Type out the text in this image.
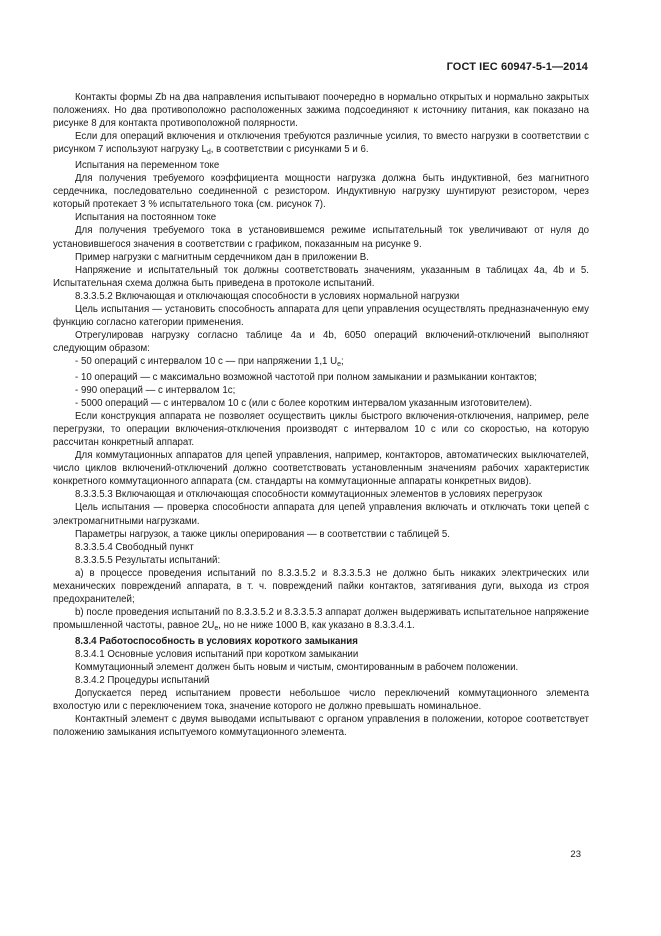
ГОСТ IEC 60947-5-1—2014

Контакты формы Zb на два направления испытывают поочередно в нормально открытых и нормально закрытых положениях. Но два противоположно расположенных зажима подсоединяют к источнику питания, как показано на рисунке 8 для контакта противоположной полярности.

Если для операций включения и отключения требуются различные усилия, то вместо нагрузки в соответствии с рисунком 7 используют нагрузку $L_d$, в соответствии с рисунками 5 и 6.

Испытания на переменном токе

Для получения требуемого коэффициента мощности нагрузка должна быть индуктивной, без магнитного сердечника, последовательно соединенной с резистором. Индуктивную нагрузку шунтируют резистором, через который протекает 3 % испытательного тока (см. рисунок 7).

Испытания на постоянном токе

Для получения требуемого тока в установившемся режиме испытательный ток увеличивают от нуля до установившегося значения в соответствии с графиком, показанным на рисунке 9.

Пример нагрузки с магнитным сердечником дан в приложении В.

Напряжение и испытательный ток должны соответствовать значениям, указанным в таблицах 4а, 4b и 5. Испытательная схема должна быть приведена в протоколе испытаний.

8.3.3.5.2 Включающая и отключающая способности в условиях нормальной нагрузки

Цель испытания — установить способность аппарата для цепи управления осуществлять предназначенную ему функцию согласно категории применения.

Отрегулировав нагрузку согласно таблице 4а и 4b, 6050 операций включений-отключений выполняют следующим образом:

- 50 операций с интервалом 10 с — при напряжении 1,1 $U_e$;

- 10 операций — с максимально возможной частотой при полном замыкании и размыкании контактов;

- 990 операций — с интервалом 1с;

- 5000 операций — с интервалом 10 с (или с более коротким интервалом указанным изготовителем).

Если конструкция аппарата не позволяет осуществить циклы быстрого включения-отключения, например, реле перегрузки, то операции включения-отключения производят с интервалом 10 с или со скоростью, на которую рассчитан конкретный аппарат.

Для коммутационных аппаратов для цепей управления, например, контакторов, автоматических выключателей, число циклов включений-отключений должно соответствовать установленным значениям рабочих характеристик конкретного коммутационного аппарата (см. стандарты на коммутационные аппараты конкретных видов).

8.3.3.5.3 Включающая и отключающая способности коммутационных элементов в условиях перегрузок

Цель испытания — проверка способности аппарата для цепей управления включать и отключать токи цепей с электромагнитными нагрузками.

Параметры нагрузок, а также циклы оперирования — в соответствии с таблицей 5.

8.3.3.5.4 Свободный пункт

8.3.3.5.5 Результаты испытаний:

а) в процессе проведения испытаний по 8.3.3.5.2 и 8.3.3.5.3 не должно быть никаких электрических или механических повреждений аппарата, в т. ч. повреждений пайки контактов, затягивания дуги, выхода из строя предохранителей;

b) после проведения испытаний по 8.3.3.5.2 и 8.3.3.5.3 аппарат должен выдерживать испытательное напряжение промышленной частоты, равное $2U_e$, но не ниже 1000 В, как указано в 8.3.3.4.1.

8.3.4 Работоспособность в условиях короткого замыкания

8.3.4.1 Основные условия испытаний при коротком замыкании

Коммутационный элемент должен быть новым и чистым, смонтированным в рабочем положении.

8.3.4.2 Процедуры испытаний

Допускается перед испытанием провести небольшое число переключений коммутационного элемента вхолостую или с переключением тока, значение которого не должно превышать номинальное.

Контактный элемент с двумя выводами испытывают с органом управления в положении, которое соответствует положению замыкания испытуемого коммутационного элемента.

23
